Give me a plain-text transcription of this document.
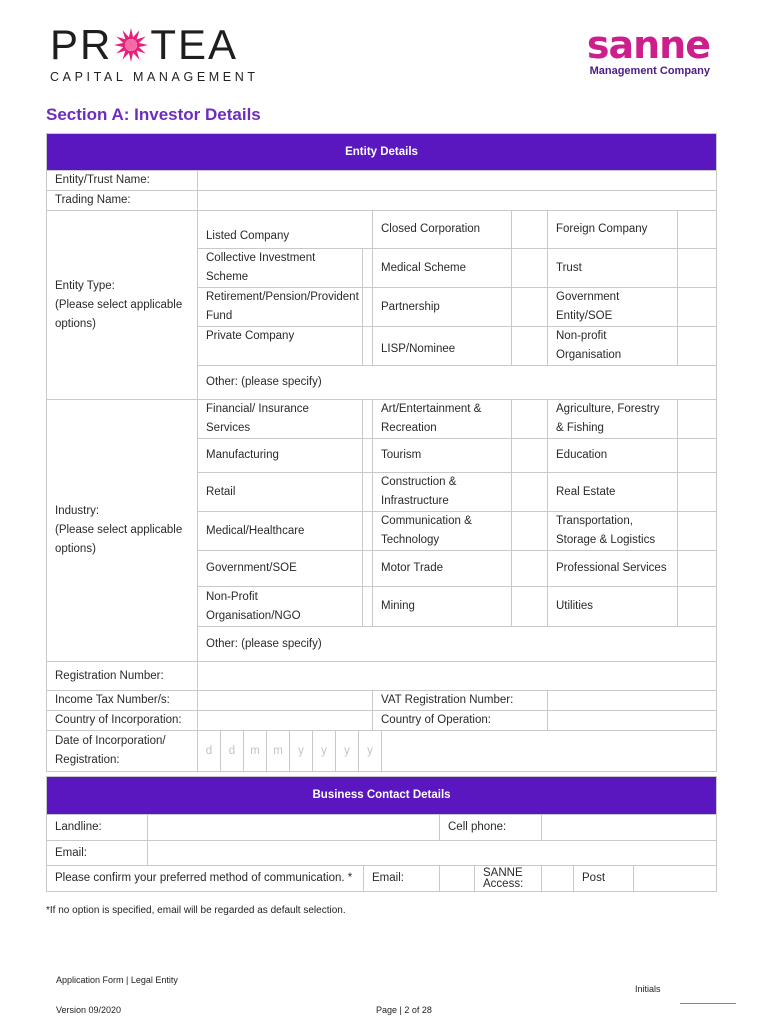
PR TEA
CAPITAL MANAGEMENT
sanne
Management Company
Section A: Investor Details
Entity Details
Entity/Trust Name:	
Trading Name:	

Entity Type:
(Please select applicable options)
	Listed Company	Closed Corporation		Foreign Company	
Collective Investment Scheme		Medical Scheme		Trust	
Retirement/Pension/Provident Fund		Partnership		Government Entity/SOE	
Private Company		LISP/Nominee		Non-profit Organisation	
Other: (please specify)

Industry:
(Please select applicable options)
	Financial/ Insurance Services		Art/Entertainment & Recreation		Agriculture, Forestry & Fishing	
Manufacturing		Tourism		Education	
Retail		Construction & Infrastructure		Real Estate	
Medical/Healthcare		Communication & Technology		Transportation, Storage & Logistics	
Government/SOE		Motor Trade		Professional Services	
Non-Profit Organisation/NGO		Mining		Utilities	
Other: (please specify)
Registration Number:	
Income Tax Number/s:		VAT Registration Number:	
Country of Incorporation:		Country of Operation:	
Date of Incorporation/ Registration:	
d	d	m	m	y	y	y	y
Business Contact Details							
Landline:			Cell phone:				
Email:							
Please confirm your preferred method of communication. *		Email:		SANNE Access:		Post	
*If no option is specified, email will be regarded as default selection.
Application Form | Legal Entity
Version 09/2020	Page | 2 of 28
Initials
